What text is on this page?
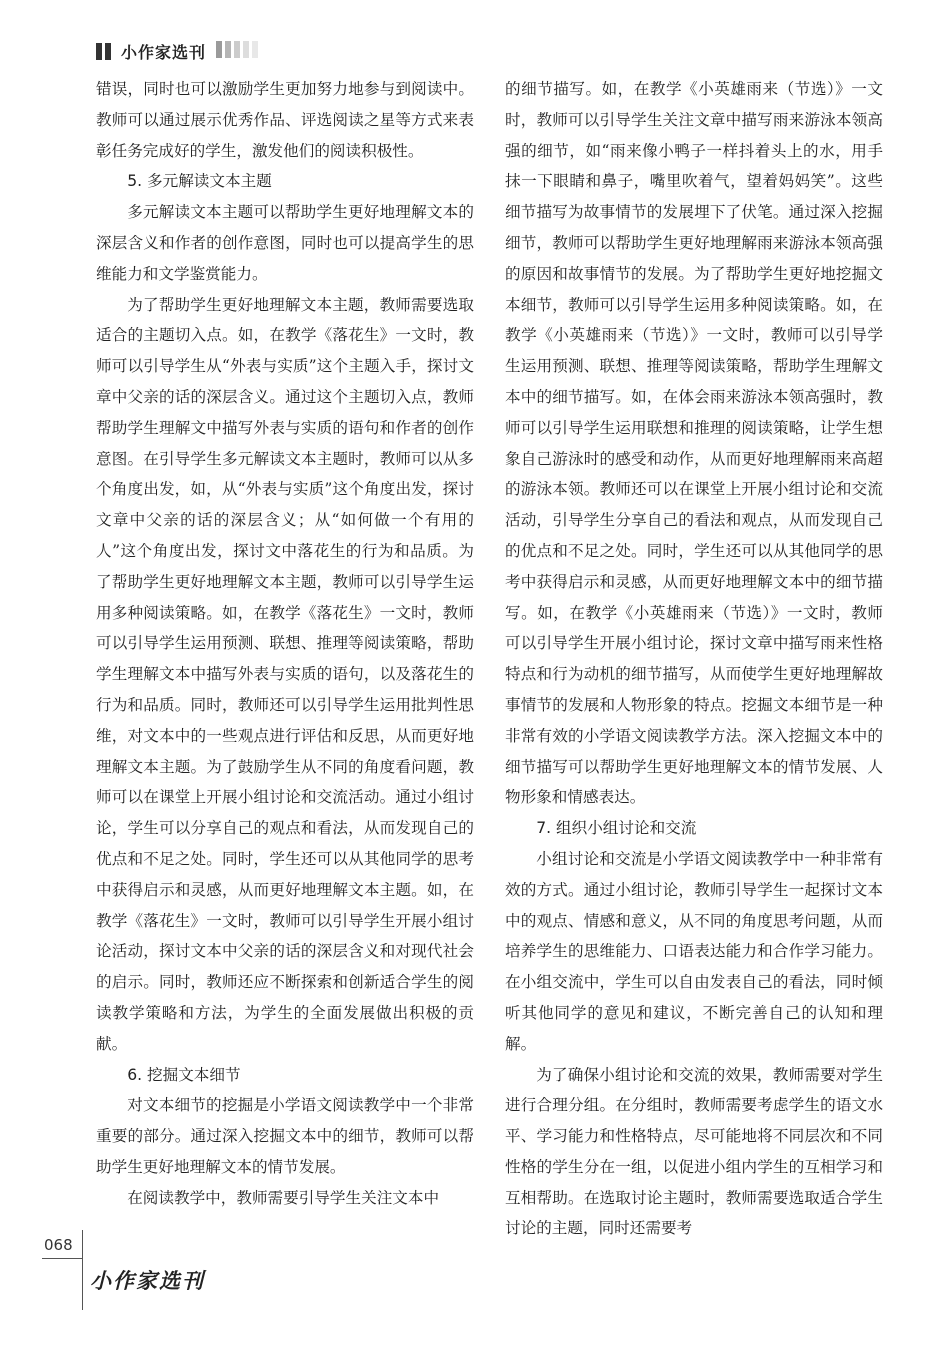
小作家选刊

错误，同时也可以激励学生更加努力地参与到阅读中。教师可以通过展示优秀作品、评选阅读之星等方式来表彰任务完成好的学生，激发他们的阅读积极性。

5. 多元解读文本主题

多元解读文本主题可以帮助学生更好地理解文本的深层含义和作者的创作意图，同时也可以提高学生的思维能力和文学鉴赏能力。

为了帮助学生更好地理解文本主题，教师需要选取适合的主题切入点。如，在教学《落花生》一文时，教师可以引导学生从“外表与实质”这个主题入手，探讨文章中父亲的话的深层含义。通过这个主题切入点，教师帮助学生理解文中描写外表与实质的语句和作者的创作意图。在引导学生多元解读文本主题时，教师可以从多个角度出发，如，从“外表与实质”这个角度出发，探讨文章中父亲的话的深层含义；从“如何做一个有用的人”这个角度出发，探讨文中落花生的行为和品质。为了帮助学生更好地理解文本主题，教师可以引导学生运用多种阅读策略。如，在教学《落花生》一文时，教师可以引导学生运用预测、联想、推理等阅读策略，帮助学生理解文本中描写外表与实质的语句，以及落花生的行为和品质。同时，教师还可以引导学生运用批判性思维，对文本中的一些观点进行评估和反思，从而更好地理解文本主题。为了鼓励学生从不同的角度看问题，教师可以在课堂上开展小组讨论和交流活动。通过小组讨论，学生可以分享自己的观点和看法，从而发现自己的优点和不足之处。同时，学生还可以从其他同学的思考中获得启示和灵感，从而更好地理解文本主题。如，在教学《落花生》一文时，教师可以引导学生开展小组讨论活动，探讨文本中父亲的话的深层含义和对现代社会的启示。同时，教师还应不断探索和创新适合学生的阅读教学策略和方法，为学生的全面发展做出积极的贡献。

6. 挖掘文本细节

对文本细节的挖掘是小学语文阅读教学中一个非常重要的部分。通过深入挖掘文本中的细节，教师可以帮助学生更好地理解文本的情节发展。

在阅读教学中，教师需要引导学生关注文本中

的细节描写。如，在教学《小英雄雨来（节选）》一文时，教师可以引导学生关注文章中描写雨来游泳本领高强的细节，如“雨来像小鸭子一样抖着头上的水，用手抹一下眼睛和鼻子，嘴里吹着气，望着妈妈笑”。这些细节描写为故事情节的发展埋下了伏笔。通过深入挖掘细节，教师可以帮助学生更好地理解雨来游泳本领高强的原因和故事情节的发展。为了帮助学生更好地挖掘文本细节，教师可以引导学生运用多种阅读策略。如，在教学《小英雄雨来（节选）》一文时，教师可以引导学生运用预测、联想、推理等阅读策略，帮助学生理解文本中的细节描写。如，在体会雨来游泳本领高强时，教师可以引导学生运用联想和推理的阅读策略，让学生想象自己游泳时的感受和动作，从而更好地理解雨来高超的游泳本领。教师还可以在课堂上开展小组讨论和交流活动，引导学生分享自己的看法和观点，从而发现自己的优点和不足之处。同时，学生还可以从其他同学的思考中获得启示和灵感，从而更好地理解文本中的细节描写。如，在教学《小英雄雨来（节选）》一文时，教师可以引导学生开展小组讨论，探讨文章中描写雨来性格特点和行为动机的细节描写，从而使学生更好地理解故事情节的发展和人物形象的特点。挖掘文本细节是一种非常有效的小学语文阅读教学方法。深入挖掘文本中的细节描写可以帮助学生更好地理解文本的情节发展、人物形象和情感表达。

7. 组织小组讨论和交流

小组讨论和交流是小学语文阅读教学中一种非常有效的方式。通过小组讨论，教师引导学生一起探讨文本中的观点、情感和意义，从不同的角度思考问题，从而培养学生的思维能力、口语表达能力和合作学习能力。在小组交流中，学生可以自由发表自己的看法，同时倾听其他同学的意见和建议，不断完善自己的认知和理解。

为了确保小组讨论和交流的效果，教师需要对学生进行合理分组。在分组时，教师需要考虑学生的语文水平、学习能力和性格特点，尽可能地将不同层次和不同性格的学生分在一组，以促进小组内学生的互相学习和互相帮助。在选取讨论主题时，教师需要选取适合学生讨论的主题，同时还需要考

068
小作家选刊
